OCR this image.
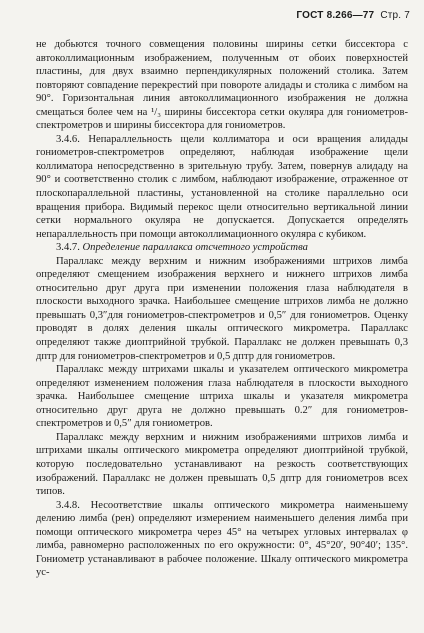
ГОСТ 8.266—77 Стр. 7

не добьются точного совмещения половины ширины сетки биссектора с автоколлимационным изображением, полученным от обоих поверхностей пластины, для двух взаимно перпендикулярных положений столика. Затем повторяют совпадение перекрестий при повороте алидады и столика с лимбом на 90°. Горизонтальная линия автоколлимационного изображения не должна смещаться более чем на ¹/₃ ширины биссектора сетки окуляра для гониометров-спектрометров и ширины биссектора для гониометров.

3.4.6. Непараллельность щели коллиматора и оси вращения алидады гониометров-спектрометров определяют, наблюдая изображение щели коллиматора непосредственно в зрительную трубу. Затем, повернув алидаду на 90° и соответственно столик с лимбом, наблюдают изображение, отраженное от плоскопараллельной пластины, установленной на столике параллельно оси вращения прибора. Видимый перекос щели относительно вертикальной линии сетки нормального окуляра не допускается. Допускается определять непараллельность при помощи автоколлимационного окуляра с кубиком.

3.4.7. Определение параллакса отсчетного устройства

Параллакс между верхним и нижним изображениями штрихов лимба определяют смещением изображения верхнего и нижнего штрихов лимба относительно друг друга при изменении положения глаза наблюдателя в плоскости выходного зрачка. Наибольшее смещение штрихов лимба не должно превышать 0,3″для гониометров-спектрометров и 0,5″ для гониометров. Оценку проводят в долях деления шкалы оптического микрометра. Параллакс определяют также диоптрийной трубкой. Параллакс не должен превышать 0,3 дптр для гониометров-спектрометров и 0,5 дптр для гониометров.

Параллакс между штрихами шкалы и указателем оптического микрометра определяют изменением положения глаза наблюдателя в плоскости выходного зрачка. Наибольшее смещение штриха шкалы и указателя микрометра относительно друг друга не должно превышать 0.2″ для гониометров-спектрометров и 0,5″ для гониометров.

Параллакс между верхним и нижним изображениями штрихов лимба и штрихами шкалы оптического микрометра определяют диоптрийной трубкой, которую последовательно устанавливают на резкость соответствующих изображений. Параллакс не должен превышать 0,5 дптр для гониометров всех типов.

3.4.8. Несоответствие шкалы оптического микрометра наименьшему делению лимба (рен) определяют измерением наименьшего деления лимба при помощи оптического микрометра через 45° на четырех угловых интервалах φ лимба, равномерно расположенных по его окружности: 0°, 45°20′, 90°40′; 135°. Гониометр устанавливают в рабочее положение. Шкалу оптического микрометра ус-
